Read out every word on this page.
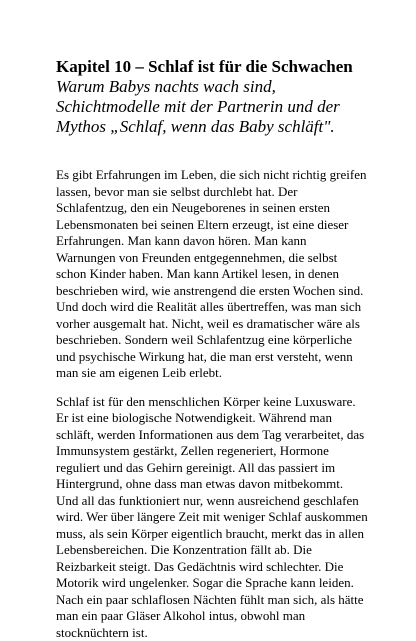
Kapitel 10 – Schlaf ist für die Schwachen

Warum Babys nachts wach sind, Schichtmodelle mit der Partnerin und der Mythos „Schlaf, wenn das Baby schläft".

Es gibt Erfahrungen im Leben, die sich nicht richtig greifen lassen, bevor man sie selbst durchlebt hat. Der Schlafentzug, den ein Neugeborenes in seinen ersten Lebensmonaten bei seinen Eltern erzeugt, ist eine dieser Erfahrungen. Man kann davon hören. Man kann Warnungen von Freunden entgegennehmen, die selbst schon Kinder haben. Man kann Artikel lesen, in denen beschrieben wird, wie anstrengend die ersten Wochen sind. Und doch wird die Realität alles übertreffen, was man sich vorher ausgemalt hat. Nicht, weil es dramatischer wäre als beschrieben. Sondern weil Schlafentzug eine körperliche und psychische Wirkung hat, die man erst versteht, wenn man sie am eigenen Leib erlebt.

Schlaf ist für den menschlichen Körper keine Luxusware. Er ist eine biologische Notwendigkeit. Während man schläft, werden Informationen aus dem Tag verarbeitet, das Immunsystem gestärkt, Zellen regeneriert, Hormone reguliert und das Gehirn gereinigt. All das passiert im Hintergrund, ohne dass man etwas davon mitbekommt. Und all das funktioniert nur, wenn ausreichend geschlafen wird. Wer über längere Zeit mit weniger Schlaf auskommen muss, als sein Körper eigentlich braucht, merkt das in allen Lebensbereichen. Die Konzentration fällt ab. Die Reizbarkeit steigt. Das Gedächtnis wird schlechter. Die Motorik wird ungelenker. Sogar die Sprache kann leiden. Nach ein paar schlaflosen Nächten fühlt man sich, als hätte man ein paar Gläser Alkohol intus, obwohl man stocknüchtern ist.
